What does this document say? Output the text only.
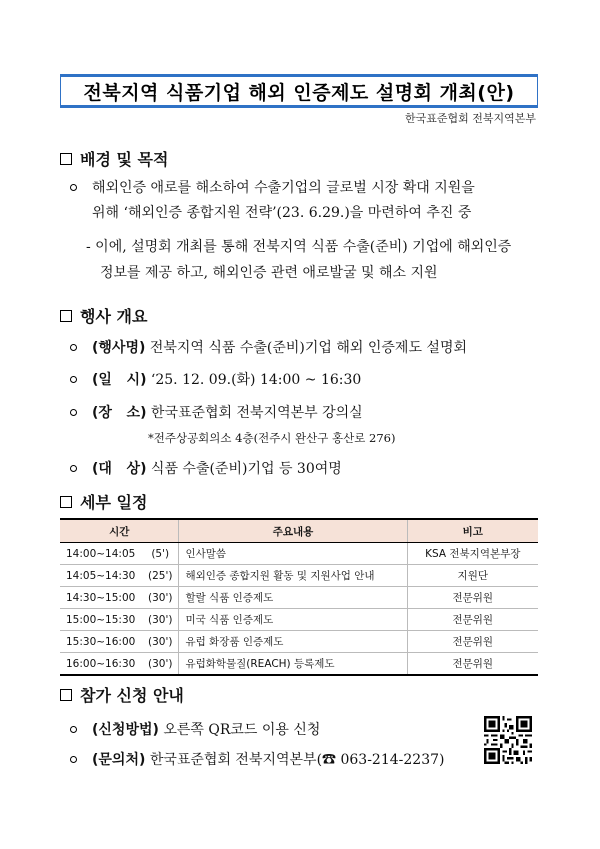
전북지역 식품기업 해외 인증제도 설명회 개최(안)
한국표준협회 전북지역본부
배경 및 목적
해외인증 애로를 해소하여 수출기업의 글로벌 시장 확대 지원을
위해 ‘해외인증 종합지원 전략’(23. 6.29.)을 마련하여 추진 중
- 이에, 설명회 개최를 통해 전북지역 식품 수출(준비) 기업에 해외인증
정보를 제공 하고, 해외인증 관련 애로발굴 및 해소 지원
행사 개요
(행사명) 전북지역 식품 수출(준비)기업 해외 인증제도 설명회
(일   시) ‘25. 12. 09.(화) 14:00 ~ 16:30
(장   소) 한국표준협회 전북지역본부 강의실
*전주상공회의소 4층(전주시 완산구 홍산로 276)
(대   상) 식품 수출(준비)기업 등 30여명
세부 일정
시간		주요내용	비고
14:00~14:05	(5')	인사말씀	KSA 전북지역본부장
14:05~14:30	(25')	해외인증 종합지원 활동 및 지원사업 안내	지원단
14:30~15:00	(30')	할랄 식품 인증제도	전문위원
15:00~15:30	(30')	미국 식품 인증제도	전문위원
15:30~16:00	(30')	유럽 화장품 인증제도	전문위원
16:00~16:30	(30')	유럽화학물질(REACH) 등록제도	전문위원
참가 신청 안내
(신청방법) 오른쪽 QR코드 이용 신청
(문의처) 한국표준협회 전북지역본부(☎ 063-214-2237)
